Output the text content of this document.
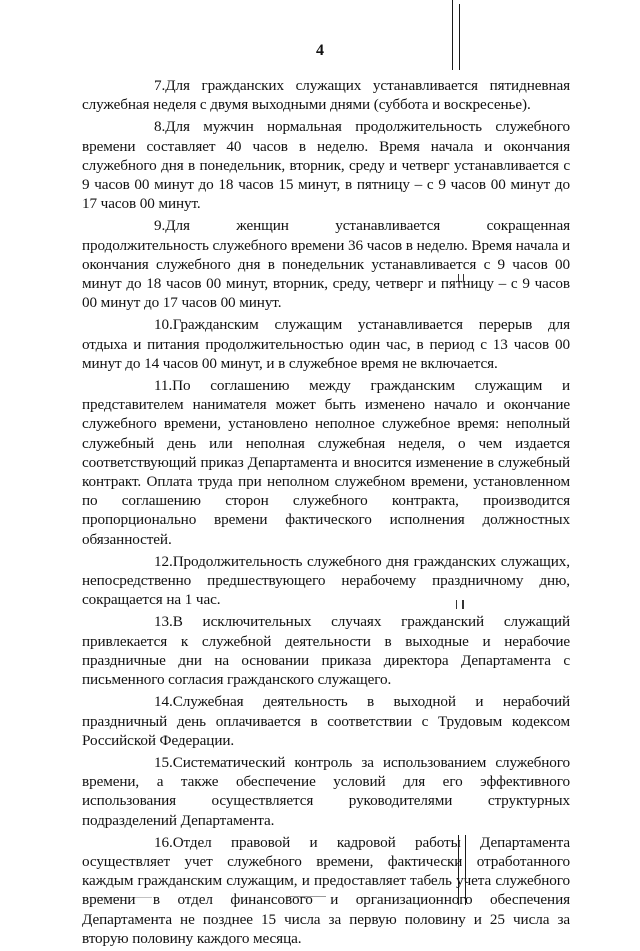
4

7.Для гражданских служащих устанавливается пятидневная служебная неделя с двумя выходными днями (суббота и воскресенье).

8.Для мужчин нормальная продолжительность служебного времени составляет 40 часов в неделю. Время начала и окончания служебного дня в понедельник, вторник, среду и четверг устанавливается с 9 часов 00 минут до 18 часов 15 минут, в пятницу – с 9 часов 00 минут до 17 часов 00 минут.

9.Для женщин устанавливается сокращенная продолжительность служебного времени 36 часов в неделю. Время начала и окончания служебного дня в понедельник устанавливается с 9 часов 00 минут до 18 часов 00 минут, вторник, среду, четверг и пятницу – с 9 часов 00 минут до 17 часов 00 минут.

10.Гражданским служащим устанавливается перерыв для отдыха и питания продолжительностью один час, в период с 13 часов 00 минут до 14 часов 00 минут, и в служебное время не включается.

11.По соглашению между гражданским служащим и представителем нанимателя может быть изменено начало и окончание служебного времени, установлено неполное служебное время: неполный служебный день или неполная служебная неделя, о чем издается соответствующий приказ Департамента и вносится изменение в служебный контракт. Оплата труда при неполном служебном времени, установленном по соглашению сторон служебного контракта, производится пропорционально времени фактического исполнения должностных обязанностей.

12.Продолжительность служебного дня гражданских служащих, непосредственно предшествующего нерабочему праздничному дню, сокращается на 1 час.

13.В исключительных случаях гражданский служащий привлекается к служебной деятельности в выходные и нерабочие праздничные дни на основании приказа директора Департамента с письменного согласия гражданского служащего.

14.Служебная деятельность в выходной и нерабочий праздничный день оплачивается в соответствии с Трудовым кодексом Российской Федерации.

15.Систематический контроль за использованием служебного времени, а также обеспечение условий для его эффективного использования осуществляется руководителями структурных подразделений Департамента.

16.Отдел правовой и кадровой работы Департамента осуществляет учет служебного времени, фактически отработанного каждым гражданским служащим, и предоставляет табель учета служебного времени в отдел финансового и организационного обеспечения Департамента не позднее 15 числа за первую половину и 25 числа за вторую половину каждого месяца.
